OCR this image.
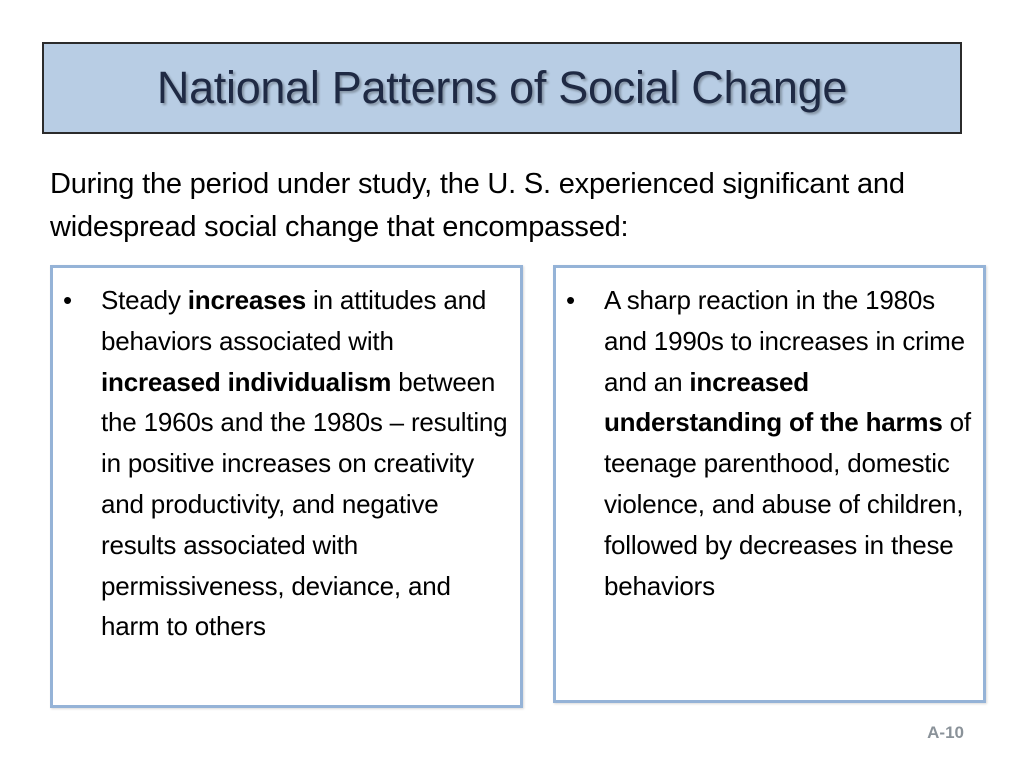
National Patterns of Social Change
During the period under study, the U. S. experienced significant and widespread social change that encompassed:
•	Steady increases in attitudes and behaviors associated with increased individualism between the 1960s and the 1980s – resulting in positive increases on creativity and productivity, and negative results associated with permissiveness, deviance, and harm to others
•	A sharp reaction in the 1980s and 1990s to increases in crime and an increased understanding of the harms of teenage parenthood, domestic violence, and abuse of children, followed by decreases in these behaviors
A-10
